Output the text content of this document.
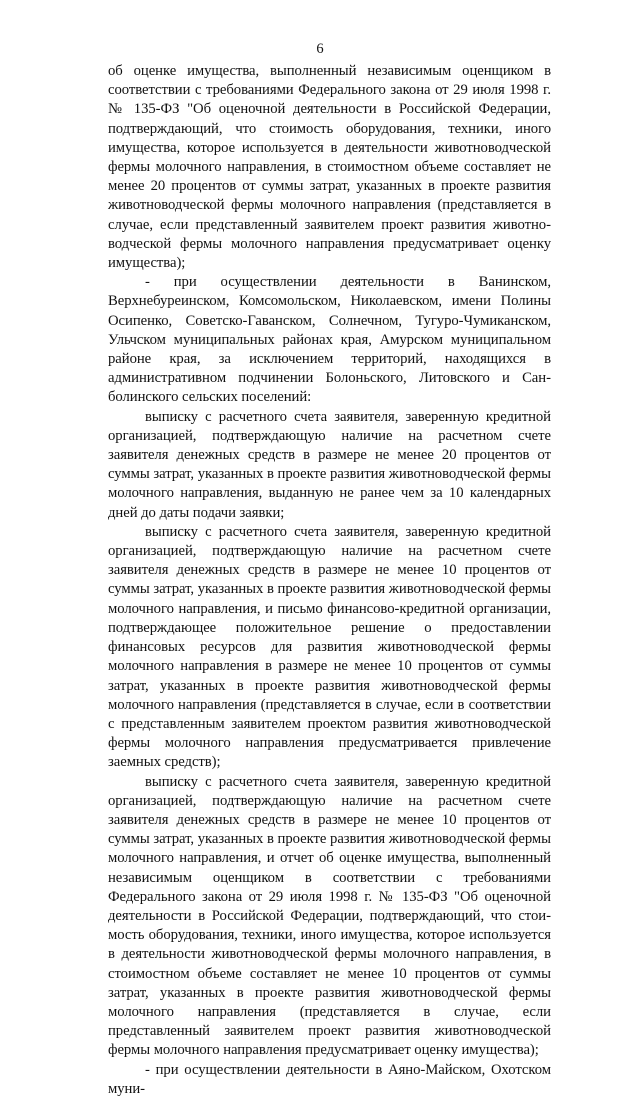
6

об оценке имущества, выполненный независимым оценщиком в соответствии с требованиями Федерального закона от 29 июля 1998 г. № 135-ФЗ "Об оценочной деятельности в Российской Федерации, подтверждающий, что стоимость оборудования, техники, иного имущества, которое используется в деятельности животноводческой фермы молочного направления, в стоимостном объеме составляет не менее 20 процентов от суммы затрат, указанных в проекте развития животноводческой фермы молочного направления (представляется в случае, если представленный заявителем проект развития животноводческой фермы молочного направления предусматривает оценку имущества);

- при осуществлении деятельности в Ванинском, Верхнебуреинском, Комсомольском, Николаевском, имени Полины Осипенко, Советско-Гаванском, Солнечном, Тугуро-Чумиканском, Ульчском муниципальных районах края, Амурском муниципальном районе края, за исключением территорий, находящихся в административном подчинении Болоньского, Литовского и Санболинского сельских поселений:

выписку с расчетного счета заявителя, заверенную кредитной организацией, подтверждающую наличие на расчетном счете заявителя денежных средств в размере не менее 20 процентов от суммы затрат, указанных в проекте развития животноводческой фермы молочного направления, выданную не ранее чем за 10 календарных дней до даты подачи заявки;

выписку с расчетного счета заявителя, заверенную кредитной организацией, подтверждающую наличие на расчетном счете заявителя денежных средств в размере не менее 10 процентов от суммы затрат, указанных в проекте развития животноводческой фермы молочного направления, и письмо финансово-кредитной организации, подтверждающее положительное решение о предоставлении финансовых ресурсов для развития животноводческой фермы молочного направления в размере не менее 10 процентов от суммы затрат, указанных в проекте развития животноводческой фермы молочного направления (представляется в случае, если в соответствии с представленным заявителем проектом развития животноводческой фермы молочного направления предусматривается привлечение заемных средств);

выписку с расчетного счета заявителя, заверенную кредитной организацией, подтверждающую наличие на расчетном счете заявителя денежных средств в размере не менее 10 процентов от суммы затрат, указанных в проекте развития животноводческой фермы молочного направления, и отчет об оценке имущества, выполненный независимым оценщиком в соответствии с требованиями Федерального закона от 29 июля 1998 г. № 135-ФЗ "Об оценочной деятельности в Российской Федерации, подтверждающий, что стоимость оборудования, техники, иного имущества, которое используется в деятельности животноводческой фермы молочного направления, в стоимостном объеме составляет не менее 10 процентов от суммы затрат, указанных в проекте развития животноводческой фермы молочного направления (представляется в случае, если представленный заявителем проект развития животноводческой фермы молочного направления предусматривает оценку имущества);

- при осуществлении деятельности в Аяно-Майском, Охотском муни-
